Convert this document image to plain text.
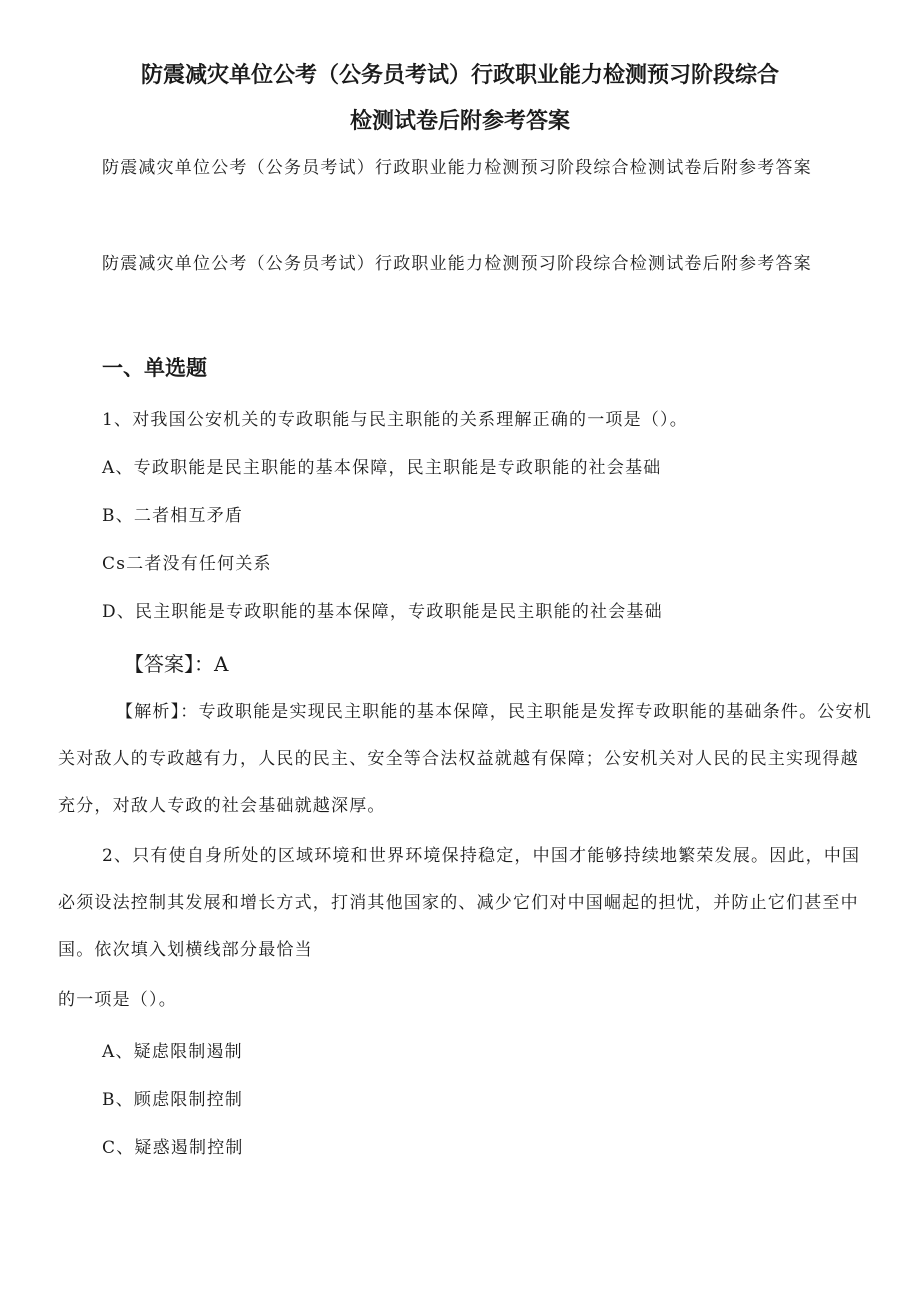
防震减灾单位公考（公务员考试）行政职业能力检测预习阶段综合
检测试卷后附参考答案

防震减灾单位公考（公务员考试）行政职业能力检测预习阶段综合检测试卷后附参考答案

防震减灾单位公考（公务员考试）行政职业能力检测预习阶段综合检测试卷后附参考答案

一、单选题

1、对我国公安机关的专政职能与民主职能的关系理解正确的一项是（）。

A、专政职能是民主职能的基本保障，民主职能是专政职能的社会基础

B、二者相互矛盾

Cs二者没有任何关系

D、民主职能是专政职能的基本保障，专政职能是民主职能的社会基础

【答案】：A

【解析】：专政职能是实现民主职能的基本保障，民主职能是发挥专政职能的基础条件。公安机关对敌人的专政越有力，人民的民主、安全等合法权益就越有保障；公安机关对人民的民主实现得越充分，对敌人专政的社会基础就越深厚。

2、只有使自身所处的区域环境和世界环境保持稳定，中国才能够持续地繁荣发展。因此，中国必须设法控制其发展和增长方式，打消其他国家的、减少它们对中国崛起的担忧，并防止它们甚至中国。依次填入划横线部分最恰当

的一项是（）。

A、疑虑限制遏制

B、顾虑限制控制

C、疑惑遏制控制
